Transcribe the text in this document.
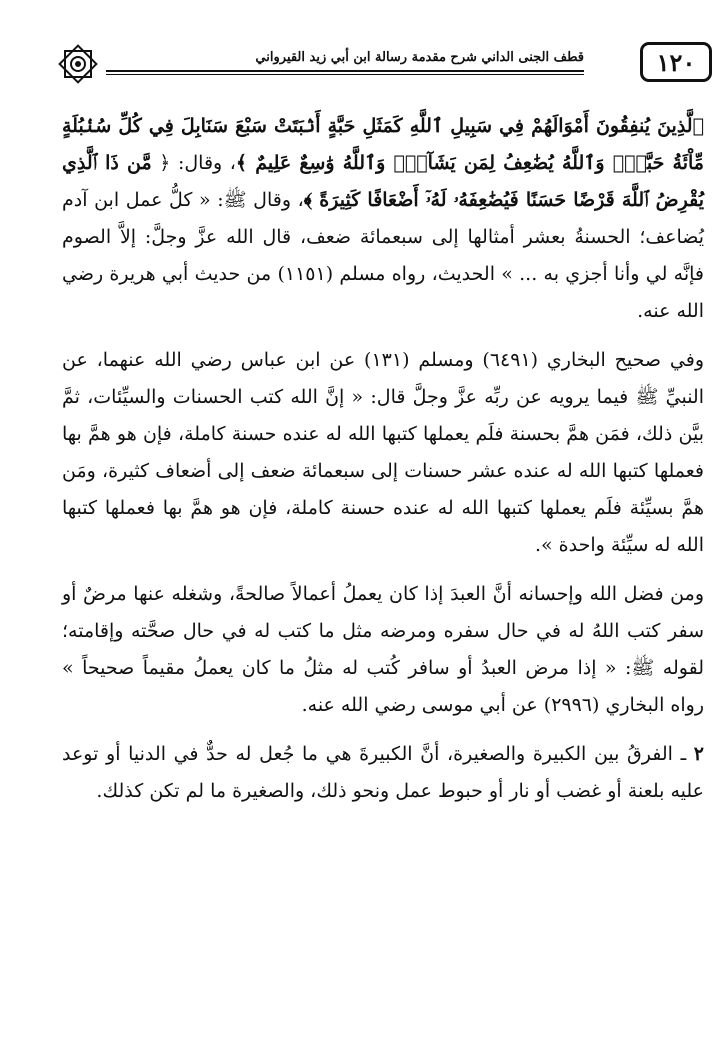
قطف الجنى الداني شرح مقدمة رسالة ابن أبي زيد القيرواني	١٢٠

ﭐلَّذِينَ يُنفِقُونَ أَمْوَالَهُمْ فِي سَبِيلِ ٱللَّهِ كَمَثَلِ حَبَّةٍ أَنۢبَتَتْ سَبْعَ سَنَابِلَ فِي كُلِّ سُنۢبُلَةٍ مِّاْئَةُ حَبَّةٍۗ وَٱللَّهُ يُضَٰعِفُ لِمَن يَشَآءُۚ وَٱللَّهُ وَٰسِعٌ عَلِيمٌ ﴾، وقال: ﴿ مَّن ذَا ٱلَّذِي يُقْرِضُ ٱللَّهَ قَرْضًا حَسَنًا فَيُضَٰعِفَهُۥ لَهُۥٓ أَضْعَافًا كَثِيرَةً ﴾، وقال ﷺ: « كلُّ عمل ابن آدم يُضاعف؛ الحسنةُ بعشر أمثالها إلى سبعمائة ضعف، قال الله عزَّ وجلَّ: إلاَّ الصوم فإنَّه لي وأنا أجزي به ... » الحديث، رواه مسلم (١١٥١) من حديث أبي هريرة رضي الله عنه.

وفي صحيح البخاري (٦٤٩١) ومسلم (١٣١) عن ابن عباس رضي الله عنهما، عن النبيِّ ﷺ فيما يرويه عن ربِّه عزَّ وجلَّ قال: « إنَّ الله كتب الحسنات والسيِّئات، ثمَّ بيَّن ذلك، فمَن همَّ بحسنة فلَم يعملها كتبها الله له عنده حسنة كاملة، فإن هو همَّ بها فعملها كتبها الله له عنده عشر حسنات إلى سبعمائة ضعف إلى أضعاف كثيرة، ومَن همَّ بسيِّئة فلَم يعملها كتبها الله له عنده حسنة كاملة، فإن هو همَّ بها فعملها كتبها الله له سيِّئة واحدة ».

ومن فضل الله وإحسانه أنَّ العبدَ إذا كان يعملُ أعمالاً صالحةً، وشغله عنها مرضٌ أو سفر كتب اللهُ له في حال سفره ومرضه مثل ما كتب له في حال صحَّته وإقامته؛ لقوله ﷺ: « إذا مرض العبدُ أو سافر كُتب له مثلُ ما كان يعملُ مقيماً صحيحاً » رواه البخاري (٢٩٩٦) عن أبي موسى رضي الله عنه.

٢ ـ الفرقُ بين الكبيرة والصغيرة، أنَّ الكبيرةَ هي ما جُعل له حدٌّ في الدنيا أو توعد عليه بلعنة أو غضب أو نار أو حبوط عمل ونحو ذلك، والصغيرة ما لم تكن كذلك.
